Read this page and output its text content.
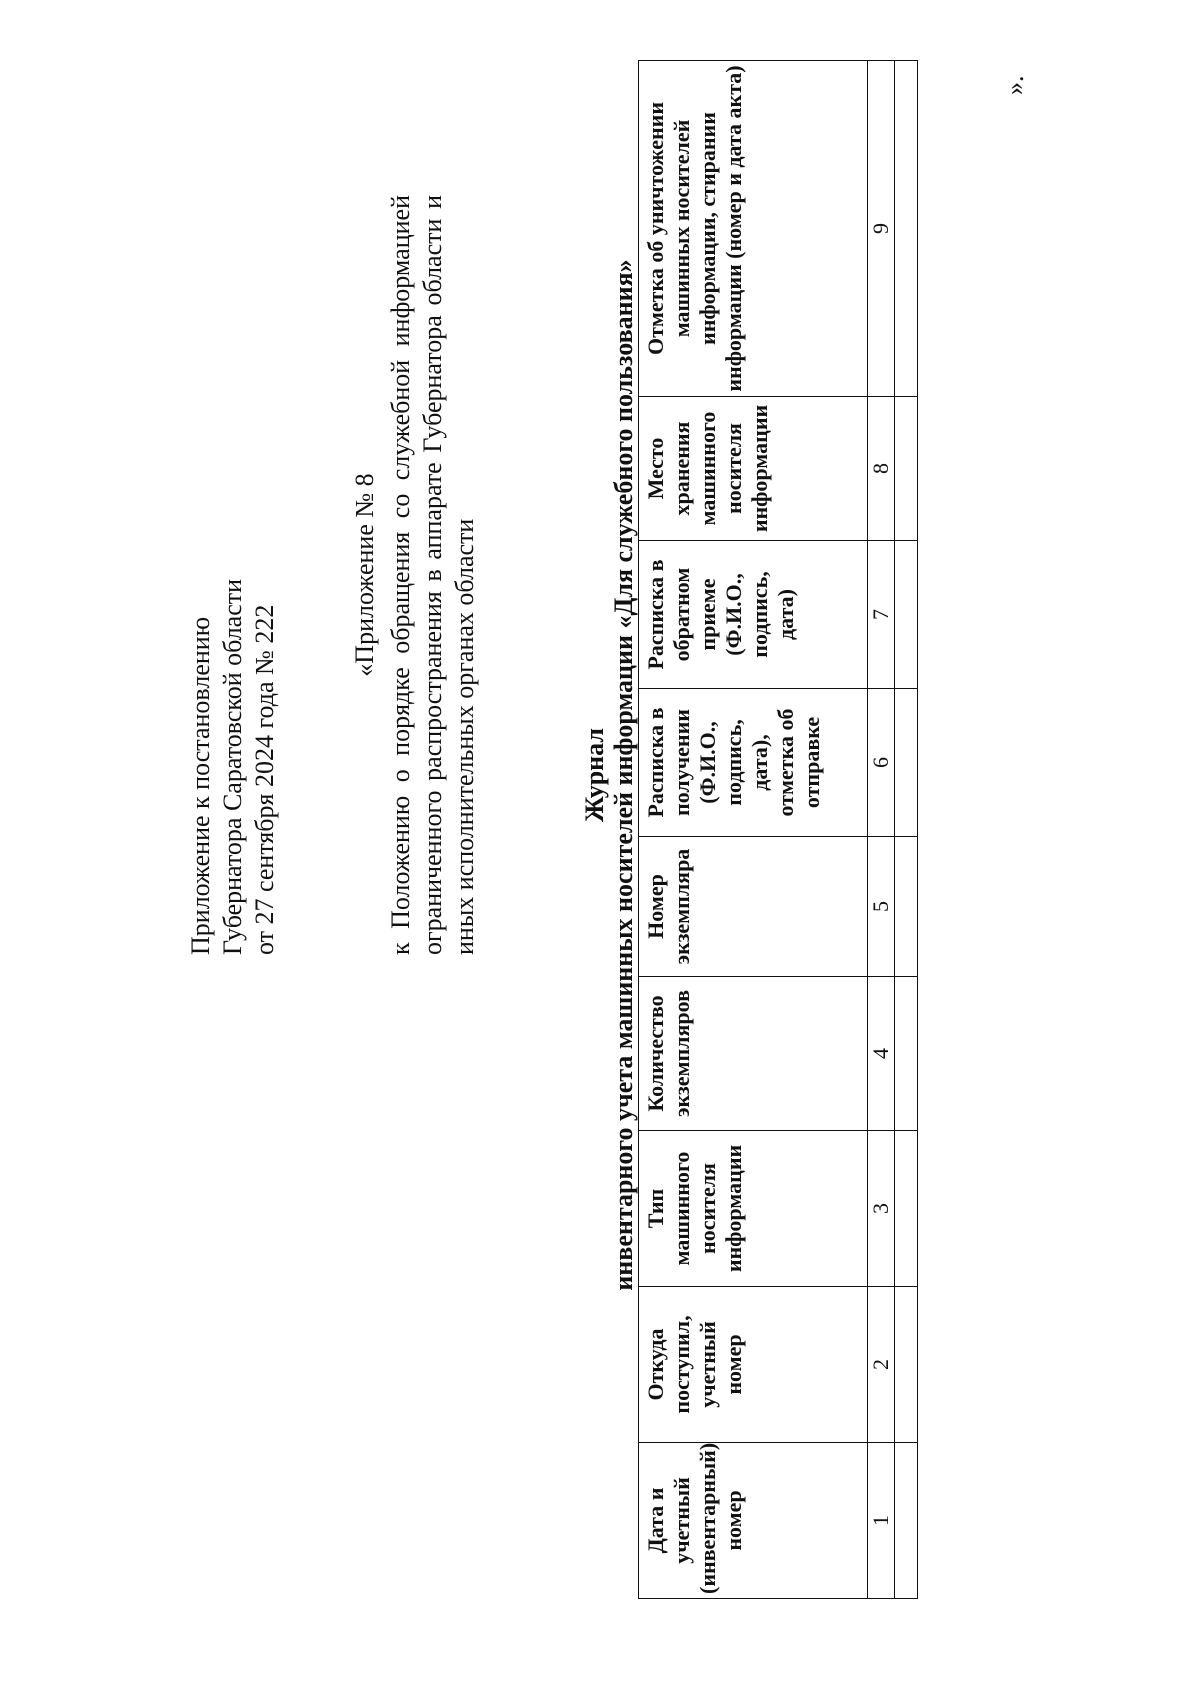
Приложение к постановлению Губернатора Саратовской области от 27 сентября 2024 года № 222
«Приложение № 8 к Положению о порядке обращения со служебной информацией ограниченного распространения в аппарате Губернатора области и иных исполнительных органах области	Журнал инвентарного учета машинных носителей информации «Для служебного пользования»
Дата и учетный (инвентарный) номер	Откуда поступил, учетный номер	Тип машинного носителя информации	Количество экземпляров	Номер экземпляра	Расписка в получении (Ф.И.О., подпись, дата), отметка об отправке	Расписка в обратном приеме (Ф.И.О., подпись, дата)	Место хранения машинного носителя информации	Отметка об уничтожении машинных носителей информации, стирании информации (номер и дата акта)
1	2	3	4	5	6	7	8	9

».
